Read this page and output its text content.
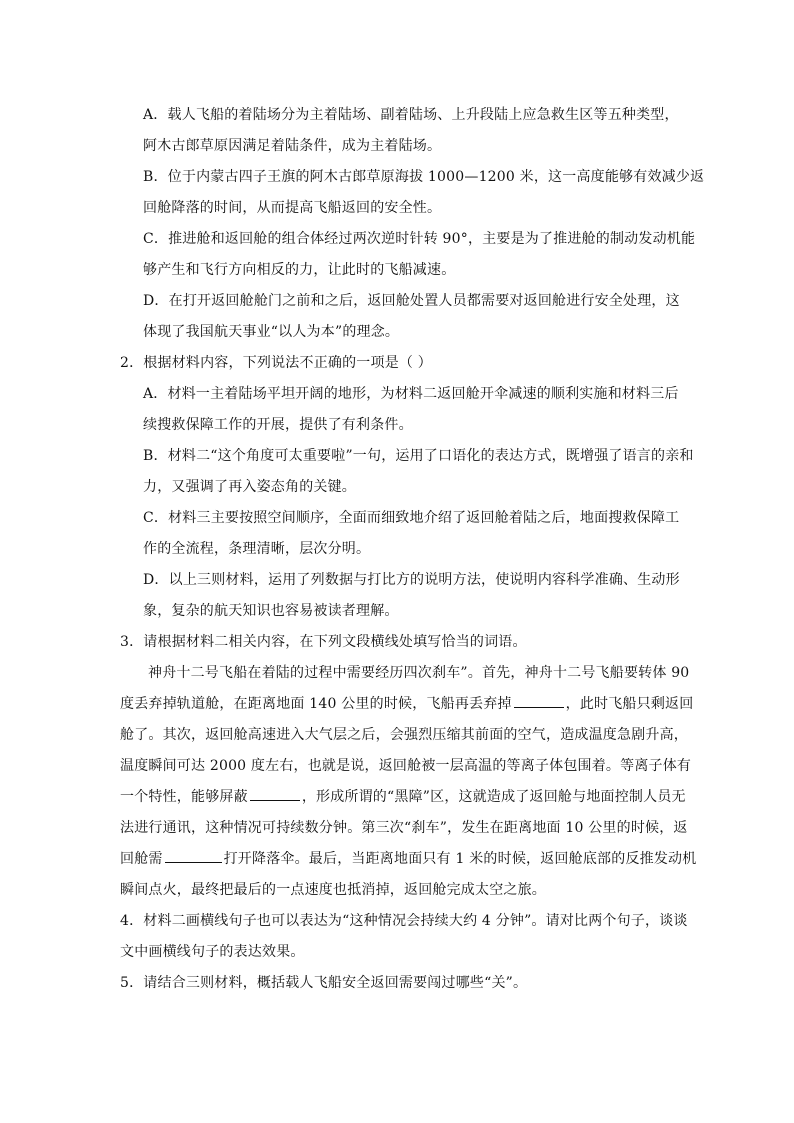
A．载人飞船的着陆场分为主着陆场、副着陆场、上升段陆上应急救生区等五种类型，
阿木古郎草原因满足着陆条件，成为主着陆场。
B．位于内蒙古四子王旗的阿木古郎草原海拔 1000—1200 米，这一高度能够有效减少返
回舱降落的时间，从而提高飞船返回的安全性。
C．推进舱和返回舱的组合体经过两次逆时针转 90°，主要是为了推进舱的制动发动机能
够产生和飞行方向相反的力，让此时的飞船减速。
D．在打开返回舱舱门之前和之后，返回舱处置人员都需要对返回舱进行安全处理，这
体现了我国航天事业“以人为本”的理念。
2．根据材料内容，下列说法不正确的一项是（ ）
A．材料一主着陆场平坦开阔的地形，为材料二返回舱开伞减速的顺利实施和材料三后
续搜救保障工作的开展，提供了有利条件。
B．材料二“这个角度可太重要啦”一句，运用了口语化的表达方式，既增强了语言的亲和
力，又强调了再入姿态角的关键。
C．材料三主要按照空间顺序，全面而细致地介绍了返回舱着陆之后，地面搜救保障工
作的全流程，条理清晰，层次分明。
D．以上三则材料，运用了列数据与打比方的说明方法，使说明内容科学准确、生动形
象，复杂的航天知识也容易被读者理解。
3．请根据材料二相关内容，在下列文段横线处填写恰当的词语。
神舟十二号飞船在着陆的过程中需要经历四次刹车”。首先，神舟十二号飞船要转体 90
度丢弃掉轨道舱，在距离地面 140 公里的时候，飞船再丢弃掉	，此时飞船只剩返回
舱了。其次，返回舱高速进入大气层之后，会强烈压缩其前面的空气，造成温度急剧升高，
温度瞬间可达 2000 度左右，也就是说，返回舱被一层高温的等离子体包围着。等离子体有
一个特性，能够屏蔽	，形成所谓的“黑障”区，这就造成了返回舱与地面控制人员无
法进行通讯，这种情况可持续数分钟。第三次“刹车”，发生在距离地面 10 公里的时候，返
回舱需	打开降落伞。最后，当距离地面只有 1 米的时候，返回舱底部的反推发动机
瞬间点火，最终把最后的一点速度也抵消掉，返回舱完成太空之旅。
4．材料二画横线句子也可以表达为“这种情况会持续大约 4 分钟”。请对比两个句子，谈谈
文中画横线句子的表达效果。
5．请结合三则材料，概括载人飞船安全返回需要闯过哪些“关”。
